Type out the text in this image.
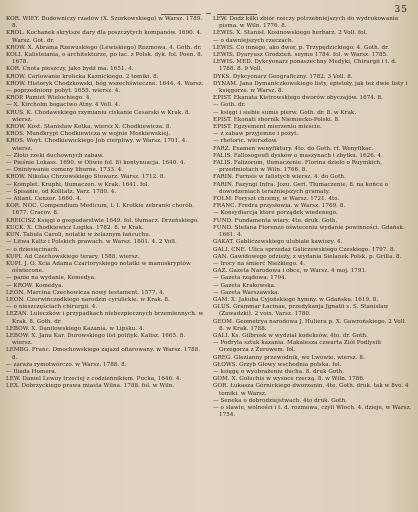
~	35

KOR. WIEY. Budowniczy rzadów (X. Szurkowskiego) w Warsz. 1789. 8.

KRÓL. Kochanek skrytsze dary dla poszczytych kompanów. 1690. 4. Warsz. Got. dr.

KROW. X. Abrama Rzewuskiego (Lewiskiego) Rozmowa. 4. Goth. dr.

KOLI. Kalisteiania, o architekturze, po łac. z Polsk. dyk. fol. Poen. 8. 1678.

KOR. Cnota pieszczy, jako bydź ma. 1651. 4.

KROW. Carlowanie krolicka Kaznickiego. 2 tomiki. 8.

KROW. Historyk Chodzkowski, bóg wszechświeczne. 1644. 4. Warsz.

— poprzedniony pobyt. 1655. wiersz. 4.

KROP. Pamiet Wielochiego. 4.

— X. Kircholm bogactwo Atny. 4 Voll. 4.

KRUS. K. Chodawskiego rzymianiu ciskanie Cesarski w Krak. 8. wiersz.

KROW. Kost. Stanisław Kotka, wiersz X. Chodkiewicza. 8.

KROS. Mundkrypt Chodkiewicza w wojnie Moskiewskiej.

KROS. Woyt. Chodkiewickiego Job cierpliwy. w Warsz. 1701. 4. wiersz.

— Złoto rzeki duchownych zabaw.

— Pieśnie Lokass. 1690. w Oliwie fol. 8) kontynuacja. 1640. 4.

— Oniniywanie comeny liburne. 1733. 4.

KROW. Nikolas Chrzowskiego Stowarz. Warsz. 1712. 8.

— Komplet. Kruphi, tłumaczen. w Krak. 1641. fol.

— Spisanie, od Kolitatz. Varz. 1780. 4.

— Atlant. Cenzor. 1660. 4.

KOR. NOC. Compendium Medicum, t. I. Krotkie zebranie chorób. 1677. Cracov. 8.

KREICISZ Księgi o gospodarstwie 1649. fol. tłumacz. Drzeńskiego.

KUCK. X. Chodkiewicz Logika. 1782. 8. w Krak.

KUN. Tabula Caroli, notatki w żelaznym łańcuchu.

— Litwa Kaltz i Polskich prawach. w Warsz. 1801. 4. 2 Voll.

— o dziesięcinach.

KUPI. Ad Czechowskiego terary. 1588. wiersz.

KUPI. J. O. Xcia Adama Czartoryskiego notatki w manuskryptów oświecone.

— panie na wydanie, Komedya.

— KROW. Komedya.

LEON. Marcina Czechowicza nowy testament. 1577. 4.

LEON. Czerwińczodkiego narodzin cyrulickie. w Krak. 8.

— o nieszczęściach chirurgii. 4.

LEZAN. Luleczków i przypadkach niebezpiecznych brzemiennych. w Krak. 8. Goth. dr.

LEBOW. X. Danilowskiego Kazania. w Lipsku. 4.

LEBOW. X. Janu Kar. Durowskiego list polityk. Kalisz. 1665. 8. wiersz.

LEMBG. Franc. Dmochowskiego zajazd ofiarowany. w Warsz. 1788. 8.

— zaraża rymotwórczo. w Warsz. 1788. 8.

— Iliada Homera.

LEW. Daniel Lewoy trzeciej z codziennikiem. Pucka, 1646. 4.

LEX. Dobrzyckiego prawa miasta Wilna. 1788. fol. w Wiln.

LEW. Dodź kilki zbiór rzeczy potrzebniejszych do wydrukowania pisma. w Wiln. 1776. 8.

LEWIS. X. Stanisł. Kosinowskiego herbarz. 2 Voll. fol.

— o dawniejszych rzeczach.

LEWIS. Co innego, ako dwor, p. Trzypędzickiego. 4. Goth. dr.

LEWIS. Dyaryusz Grodzień. seymu 1784. fol. w Warsz. 1785.

LEWIS. MED. Dykcyonarz ponaszechny Medyki, Chirurgii i t. d. 1788. 8. 9 Voll.

DYKS. Dykcyonarz Geograficzny. 1782. 3 Voll. 8.

DYNAM. Jana Dymaniczkowskiego listy, epistoły, jak też dwie listy i księgorze. w Warsz. 8.

EPIST. Ekanata Kistrowskiego dworów obyczajów. 1674. 8.

— Goth. dr.

— księgi i siebie sumis pierw. Goth. dr. 8. w Krak.

EPIST. Ekonati sbornik Niemiecko-Polski. 8.

EPIST. Egzyement mierzeniu mieście.

— z zabaw przyjemne i pożyt.

— rhetoric. wiersztow.

FARZ. Examen wenyfiktury. 4to. do Goth. rf. Wenyfikac.

FALIS. Fallosogoufi dysków o maszynach i zbytku. 1626. 4.

FALIS. Falizorum, tłumaczenie. Florina dzieło o Ruymkich, przedmiotach w Wiln. 1766. 8.

FARIN. Furnsis w falistych wiersz. 4. do Goth.

FARIN. Fazyngi Infra. Jozu. Geri. Tłumaczenie, 8. na końcu o dowodzeniach teraźniejszych gramaty.

FOLM. Foryszt chcemy, w Warsz. 1721. 4to.

FRANC. Fredra przysłowia. w Warsz. 1769. 8.

— Konsydiarcja ktore porządek wiedenego.

FUND. Fundamenta wiary. 4to. druk. Goth.

FUND. Stefana Fiorenzo oświeceniu wydanie powinności. Gdańsk. 1661. 4.

GAKAT. Gabliczewskiego ulubiałe kawiory. 4.

GALI. CNE. Ulica sprzedaż Galiczewskiego Czeskiego. 1797. 8.

GAN. Gawidowego odzieży, z wydania Sielanek Polsk. p. Grilla. 8.

— trocy na śmierć Nieżkiego. 4.

GAZ. Gazeta Narodowa i obce, w Warsz. 4 moj. 1791.

— Gazeta rządowa. 1794.

— Gazeta Krakowska.

— Gazeta Warszawska.

GAM. X. Jakuba Cyjońskiego hymny. w Gdańsku. 1619. 8.

GLUS. Grammar Łacinae, przedykanja Jgnatii s. S. Stanisław (Zawadzki). 2 voix. Varsz. 1780.

GEOM. Geometrya narodowa J. Huliera p. X. Gawrońskiego. 2 Voll. 8. w Krak. 1788.

GALI. Ks. Gilbrosk w wydział kodeksów. 4to. dr. Goth.

— Podryla sztuk kazania. Makalesza czwarta Ziół Podlysili Grzegorza z Żurowem. fol.

GREG. Glezianny przewodnik, we Lwowie. wiersz. 8.

GŁOWS. Grzyb Głowy wschodnia polska. fol.

— księgę o wyobrażeniu ducha. 8. druk Goth.

GOM. X. Gołuchis w wysoce rzeczą. 8. w Wiln. 1786.

GOR. Łukasza Górnickiego dworzanin, 4to. Goth. druk. tak w 8vo. 4 tomiki. w Warsz.

— Seneka o dobrodziejstwach. 4to druk. Goth.

— o sławie, wolności i t. d. rozmowa, czyli Włoch. 4. dzieje, w Warsz. 1754.
